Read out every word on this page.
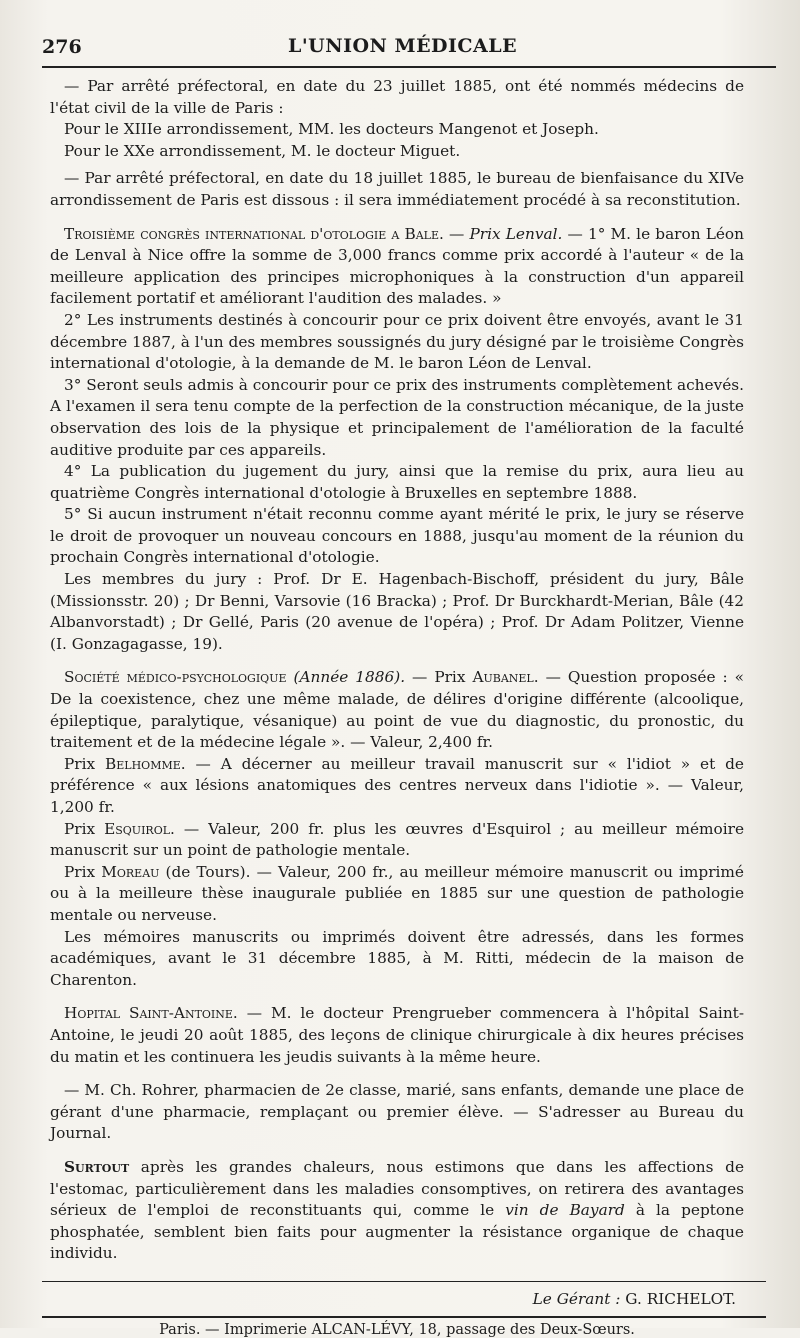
276	L'UNION MÉDICALE

— Par arrêté préfectoral, en date du 23 juillet 1885, ont été nommés médecins de l'état civil de la ville de Paris :

Pour le XIIIe arrondissement, MM. les docteurs Mangenot et Joseph.

Pour le XXe arrondissement, M. le docteur Miguet.

— Par arrêté préfectoral, en date du 18 juillet 1885, le bureau de bienfaisance du XIVe arrondissement de Paris est dissous : il sera immédiatement procédé à sa reconstitution.

Troisième congrès international d'otologie a Bale. — Prix Lenval. — 1° M. le baron Léon de Lenval à Nice offre la somme de 3,000 francs comme prix accordé à l'auteur « de la meilleure application des principes microphoniques à la construction d'un appareil facilement portatif et améliorant l'audition des malades. »

2° Les instruments destinés à concourir pour ce prix doivent être envoyés, avant le 31 décembre 1887, à l'un des membres soussignés du jury désigné par le troisième Congrès international d'otologie, à la demande de M. le baron Léon de Lenval.

3° Seront seuls admis à concourir pour ce prix des instruments complètement achevés. A l'examen il sera tenu compte de la perfection de la construction mécanique, de la juste observation des lois de la physique et principalement de l'amélioration de la faculté auditive produite par ces appareils.

4° La publication du jugement du jury, ainsi que la remise du prix, aura lieu au quatrième Congrès international d'otologie à Bruxelles en septembre 1888.

5° Si aucun instrument n'était reconnu comme ayant mérité le prix, le jury se réserve le droit de provoquer un nouveau concours en 1888, jusqu'au moment de la réunion du prochain Congrès international d'otologie.

Les membres du jury : Prof. Dr E. Hagenbach-Bischoff, président du jury, Bâle (Missionsstr. 20) ; Dr Benni, Varsovie (16 Bracka) ; Prof. Dr Burckhardt-Merian, Bâle (42 Albanvorstadt) ; Dr Gellé, Paris (20 avenue de l'opéra) ; Prof. Dr Adam Politzer, Vienne (I. Gonzagagasse, 19).

Société médico-psychologique (Année 1886). — Prix Aubanel. — Question proposée : « De la coexistence, chez une même malade, de délires d'origine différente (alcoolique, épileptique, paralytique, vésanique) au point de vue du diagnostic, du pronostic, du traitement et de la médecine légale ». — Valeur, 2,400 fr.

Prix Belhomme. — A décerner au meilleur travail manuscrit sur « l'idiot » et de préférence « aux lésions anatomiques des centres nerveux dans l'idiotie ». — Valeur, 1,200 fr.

Prix Esquirol. — Valeur, 200 fr. plus les œuvres d'Esquirol ; au meilleur mémoire manuscrit sur un point de pathologie mentale.

Prix Moreau (de Tours). — Valeur, 200 fr., au meilleur mémoire manuscrit ou imprimé ou à la meilleure thèse inaugurale publiée en 1885 sur une question de pathologie mentale ou nerveuse.

Les mémoires manuscrits ou imprimés doivent être adressés, dans les formes académiques, avant le 31 décembre 1885, à M. Ritti, médecin de la maison de Charenton.

Hopital Saint-Antoine. — M. le docteur Prengrueber commencera à l'hôpital Saint-Antoine, le jeudi 20 août 1885, des leçons de clinique chirurgicale à dix heures précises du matin et les continuera les jeudis suivants à la même heure.

— M. Ch. Rohrer, pharmacien de 2e classe, marié, sans enfants, demande une place de gérant d'une pharmacie, remplaçant ou premier élève. — S'adresser au Bureau du Journal.

Surtout après les grandes chaleurs, nous estimons que dans les affections de l'estomac, particulièrement dans les maladies consomptives, on retirera des avantages sérieux de l'emploi de reconstituants qui, comme le vin de Bayard à la peptone phosphatée, semblent bien faits pour augmenter la résistance organique de chaque individu.

Le Gérant : G. RICHELOT.
Paris. — Imprimerie ALCAN-LÉVY, 18, passage des Deux-Sœurs.
